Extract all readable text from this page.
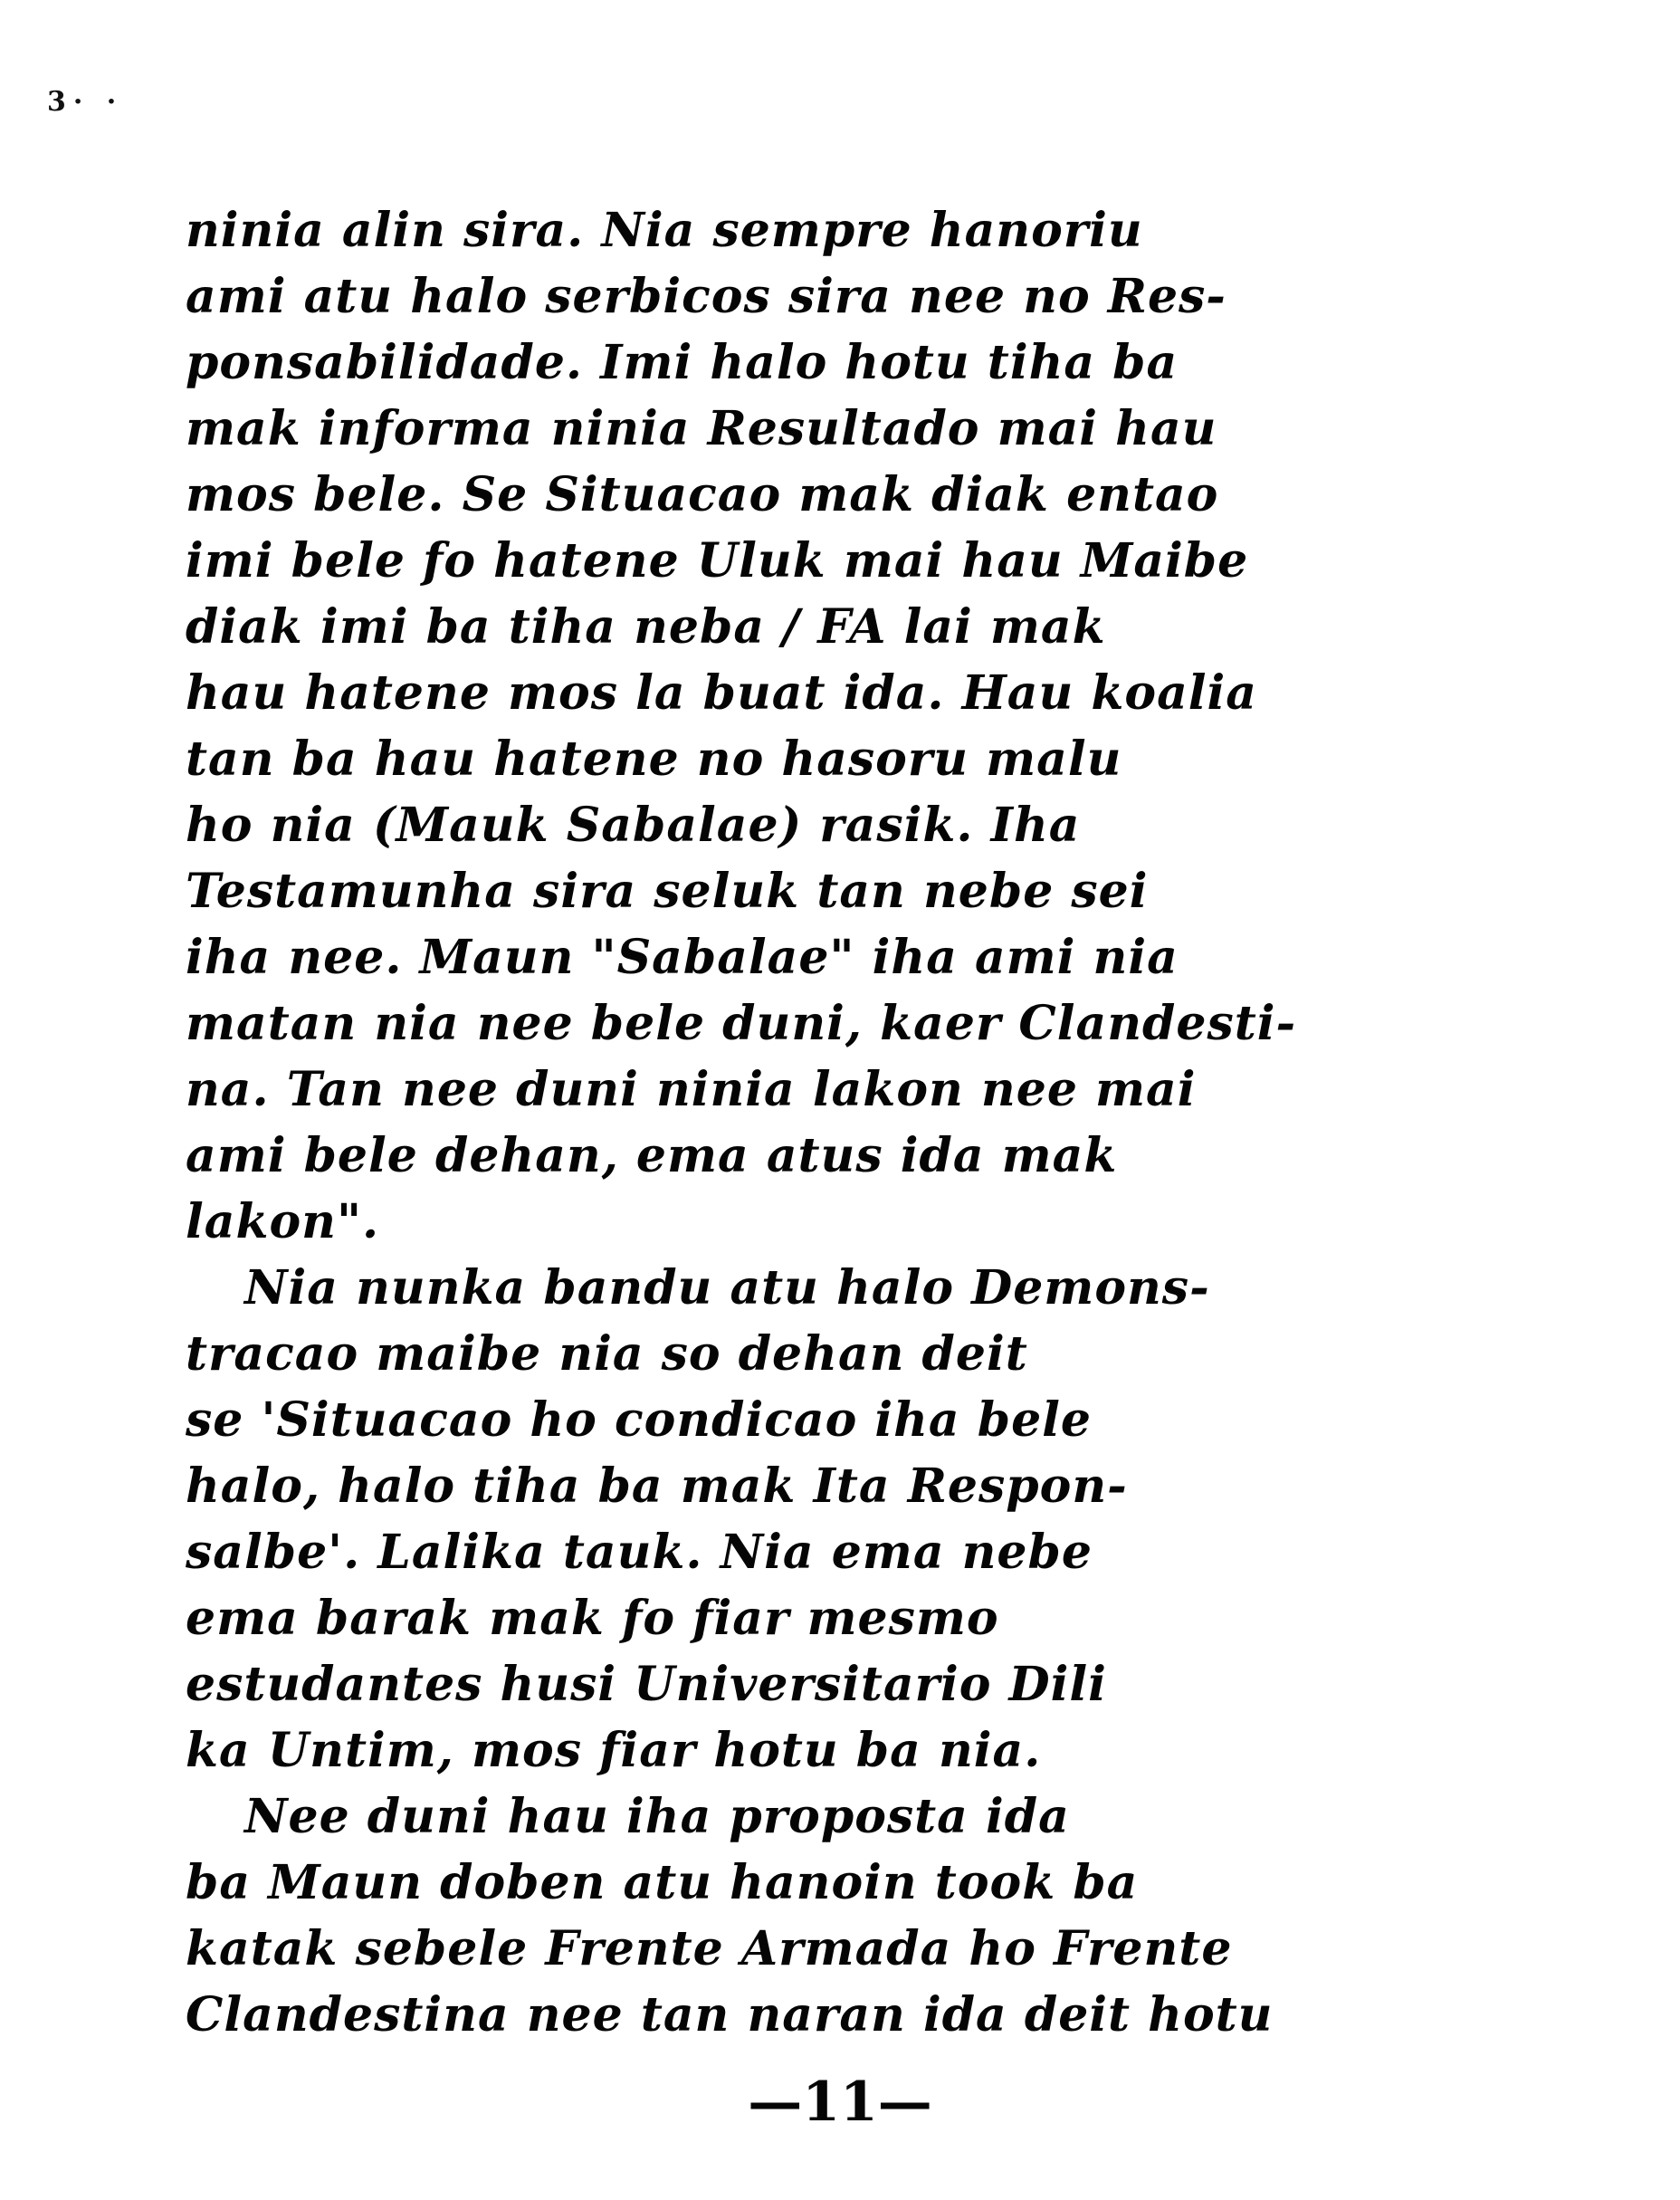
3· ·
ninia alin sira. Nia sempre hanoriu
ami atu halo serbicos sira nee no Res-
ponsabilidade. Imi halo hotu tiha ba
mak informa ninia Resultado mai hau
mos bele. Se Situacao mak diak entao
imi bele fo hatene Uluk mai hau Maibe
diak imi ba tiha neba / FA lai mak
hau hatene mos la buat ida. Hau koalia
tan ba hau hatene no hasoru malu
ho nia (Mauk Sabalae) rasik. Iha
Testamunha sira seluk tan nebe sei
iha nee. Maun "Sabalae" iha ami nia
matan nia nee bele duni, kaer Clandesti-
na. Tan nee duni ninia lakon nee mai
ami bele dehan, ema atus ida mak
lakon".
Nia nunka bandu atu halo Demons-
tracao maibe nia so dehan deit
se 'Situacao ho condicao iha bele
halo, halo tiha ba mak Ita Respon-
salbe'. Lalika tauk. Nia ema nebe
ema barak mak fo fiar mesmo
estudantes husi Universitario Dili
ka Untim, mos fiar hotu ba nia.
Nee duni hau iha proposta ida
ba Maun doben atu hanoin took ba
katak sebele Frente Armada ho Frente
Clandestina nee tan naran ida deit hotu
—11—
